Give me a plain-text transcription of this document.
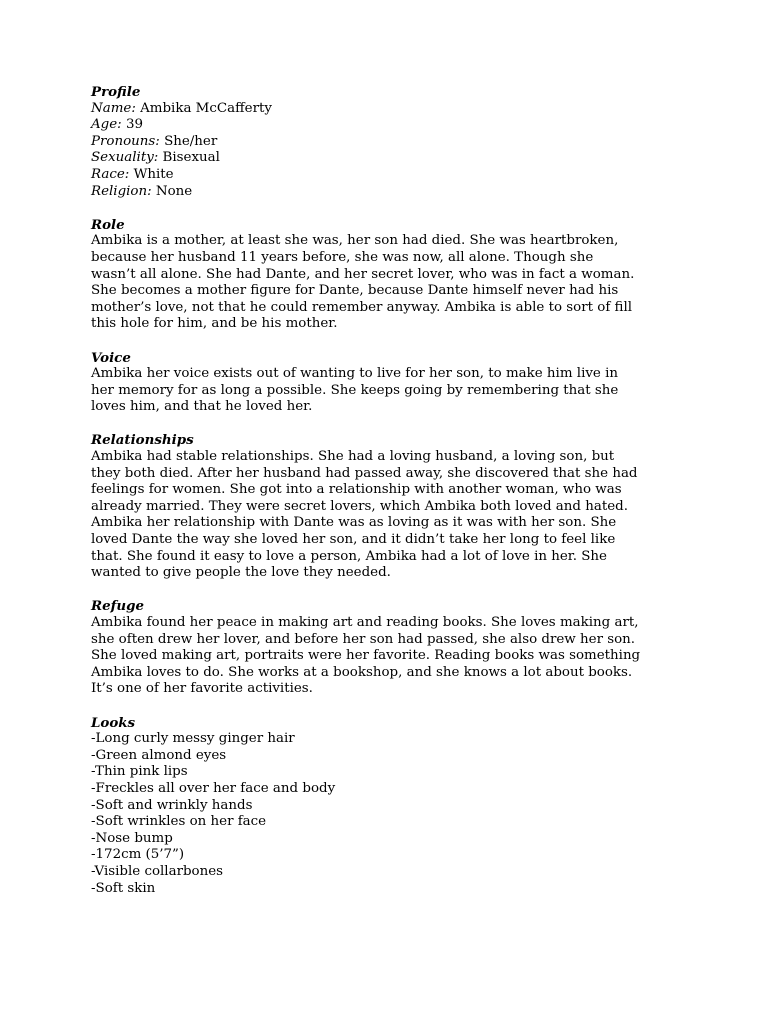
Profile

Name: Ambika McCafferty

Age: 39

Pronouns: She/her

Sexuality: Bisexual

Race: White

Religion: None

Role

Ambika is a mother, at least she was, her son had died. She was heartbroken,
because her husband 11 years before, she was now, all alone. Though she
wasn’t all alone. She had Dante, and her secret lover, who was in fact a woman.
She becomes a mother figure for Dante, because Dante himself never had his
mother’s love, not that he could remember anyway. Ambika is able to sort of fill
this hole for him, and be his mother.

Voice

Ambika her voice exists out of wanting to live for her son, to make him live in
her memory for as long a possible. She keeps going by remembering that she
loves him, and that he loved her.

Relationships

Ambika had stable relationships. She had a loving husband, a loving son, but
they both died. After her husband had passed away, she discovered that she had
feelings for women. She got into a relationship with another woman, who was
already married. They were secret lovers, which Ambika both loved and hated.
Ambika her relationship with Dante was as loving as it was with her son. She
loved Dante the way she loved her son, and it didn’t take her long to feel like
that. She found it easy to love a person, Ambika had a lot of love in her. She
wanted to give people the love they needed.

Refuge

Ambika found her peace in making art and reading books. She loves making art,
she often drew her lover, and before her son had passed, she also drew her son.
She loved making art, portraits were her favorite. Reading books was something
Ambika loves to do. She works at a bookshop, and she knows a lot about books.
It’s one of her favorite activities.

Looks

-Long curly messy ginger hair
-Green almond eyes
-Thin pink lips
-Freckles all over her face and body
-Soft and wrinkly hands
-Soft wrinkles on her face
-Nose bump
-172cm (5’7”)
-Visible collarbones
-Soft skin
